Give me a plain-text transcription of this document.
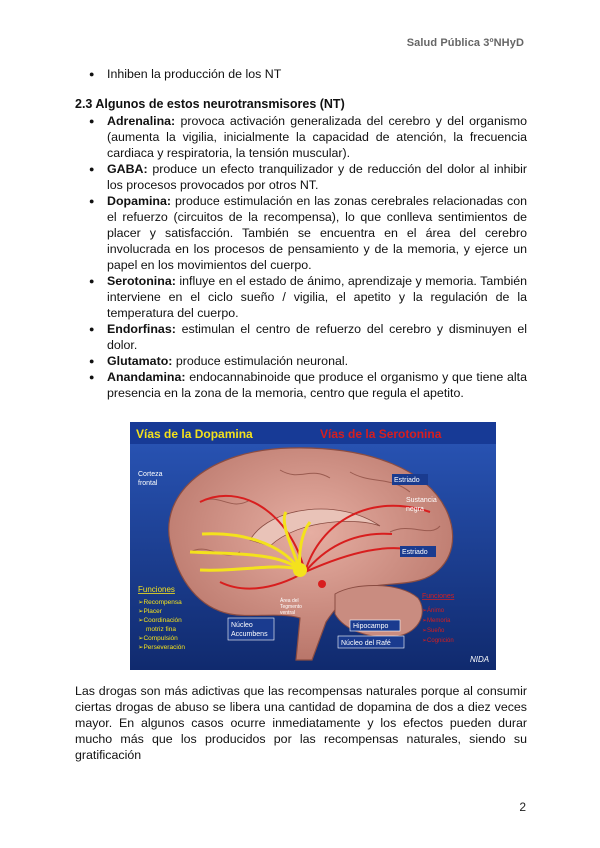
Salud Pública 3ºNHyD
● Inhiben la producción de los NT
2.3 Algunos de estos neurotransmisores (NT)
● Adrenalina: provoca activación generalizada del cerebro y del organismo (aumenta la vigilia, inicialmente la capacidad de atención, la frecuencia cardiaca y respiratoria, la tensión muscular).
● GABA: produce un efecto tranquilizador y de reducción del dolor al inhibir los procesos provocados por otros NT.
● Dopamina: produce estimulación en las zonas cerebrales relacionadas con el refuerzo (circuitos de la recompensa), lo que conlleva sentimientos de placer y satisfacción. También se encuentra en el área del cerebro involucrada en los procesos de pensamiento y de la memoria, y ejerce un papel en los movimientos del cuerpo.
● Serotonina: influye en el estado de ánimo, aprendizaje y memoria. También interviene en el ciclo sueño / vigilia, el apetito y la regulación de la temperatura del cuerpo.
● Endorfinas: estimulan el centro de refuerzo del cerebro y disminuyen el dolor.
● Glutamato: produce estimulación neuronal.
● Anandamina: endocannabinoide que produce el organismo y que tiene alta presencia en la zona de la memoria, centro que regula el apetito.
Vías de la Dopamina	Vías de la Serotonina
Corteza
frontal	Estriado
Sustancia
negra
Estriado
Área del
Tegmento
ventral
Núcleo
Accumbens
Hipocampo
Núcleo del Rafé
NIDA
Funciones
➢Recompensa
➢Placer
➢Coordinación
motriz fina
➢Compulsión
➢Perseveración
Funciones
➢Ánimo
➢Memoria
➢Sueño
➢Cognición

Las drogas son más adictivas que las recompensas naturales porque al consumir ciertas drogas de abuso se libera una cantidad de dopamina de dos a diez veces mayor. En algunos casos ocurre inmediatamente y los efectos pueden durar mucho más que los producidos por las recompensas naturales, siendo su gratificación

2
